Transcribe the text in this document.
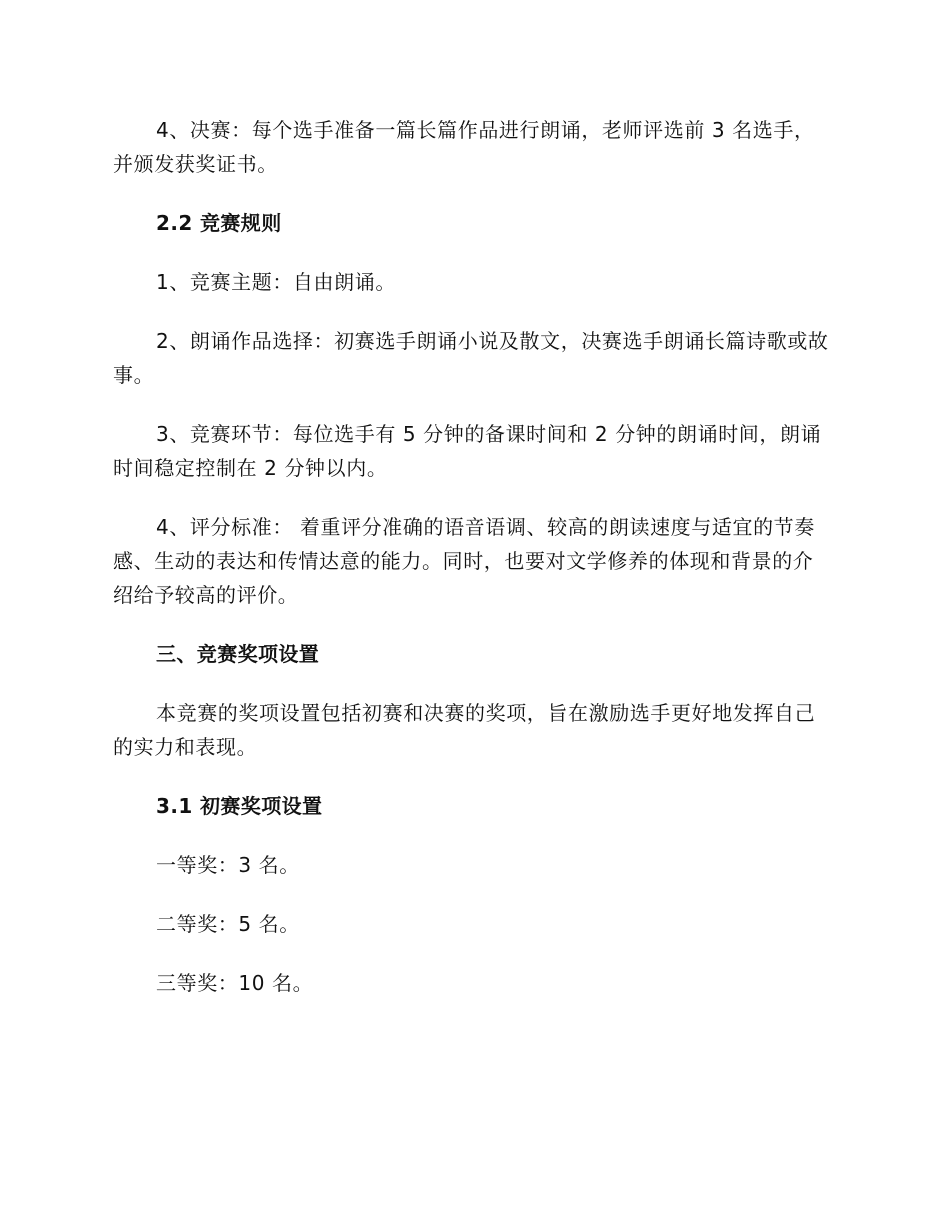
4、决赛：每个选手准备一篇长篇作品进行朗诵，老师评选前 3 名选手，并颁发获奖证书。

2.2 竞赛规则

1、竞赛主题：自由朗诵。

2、朗诵作品选择：初赛选手朗诵小说及散文，决赛选手朗诵长篇诗歌或故事。

3、竞赛环节：每位选手有 5 分钟的备课时间和 2 分钟的朗诵时间，朗诵时间稳定控制在 2 分钟以内。

4、评分标准： 着重评分准确的语音语调、较高的朗读速度与适宜的节奏感、生动的表达和传情达意的能力。同时，也要对文学修养的体现和背景的介绍给予较高的评价。

三、竞赛奖项设置

本竞赛的奖项设置包括初赛和决赛的奖项，旨在激励选手更好地发挥自己的实力和表现。

3.1 初赛奖项设置

一等奖：3 名。

二等奖：5 名。

三等奖：10 名。
